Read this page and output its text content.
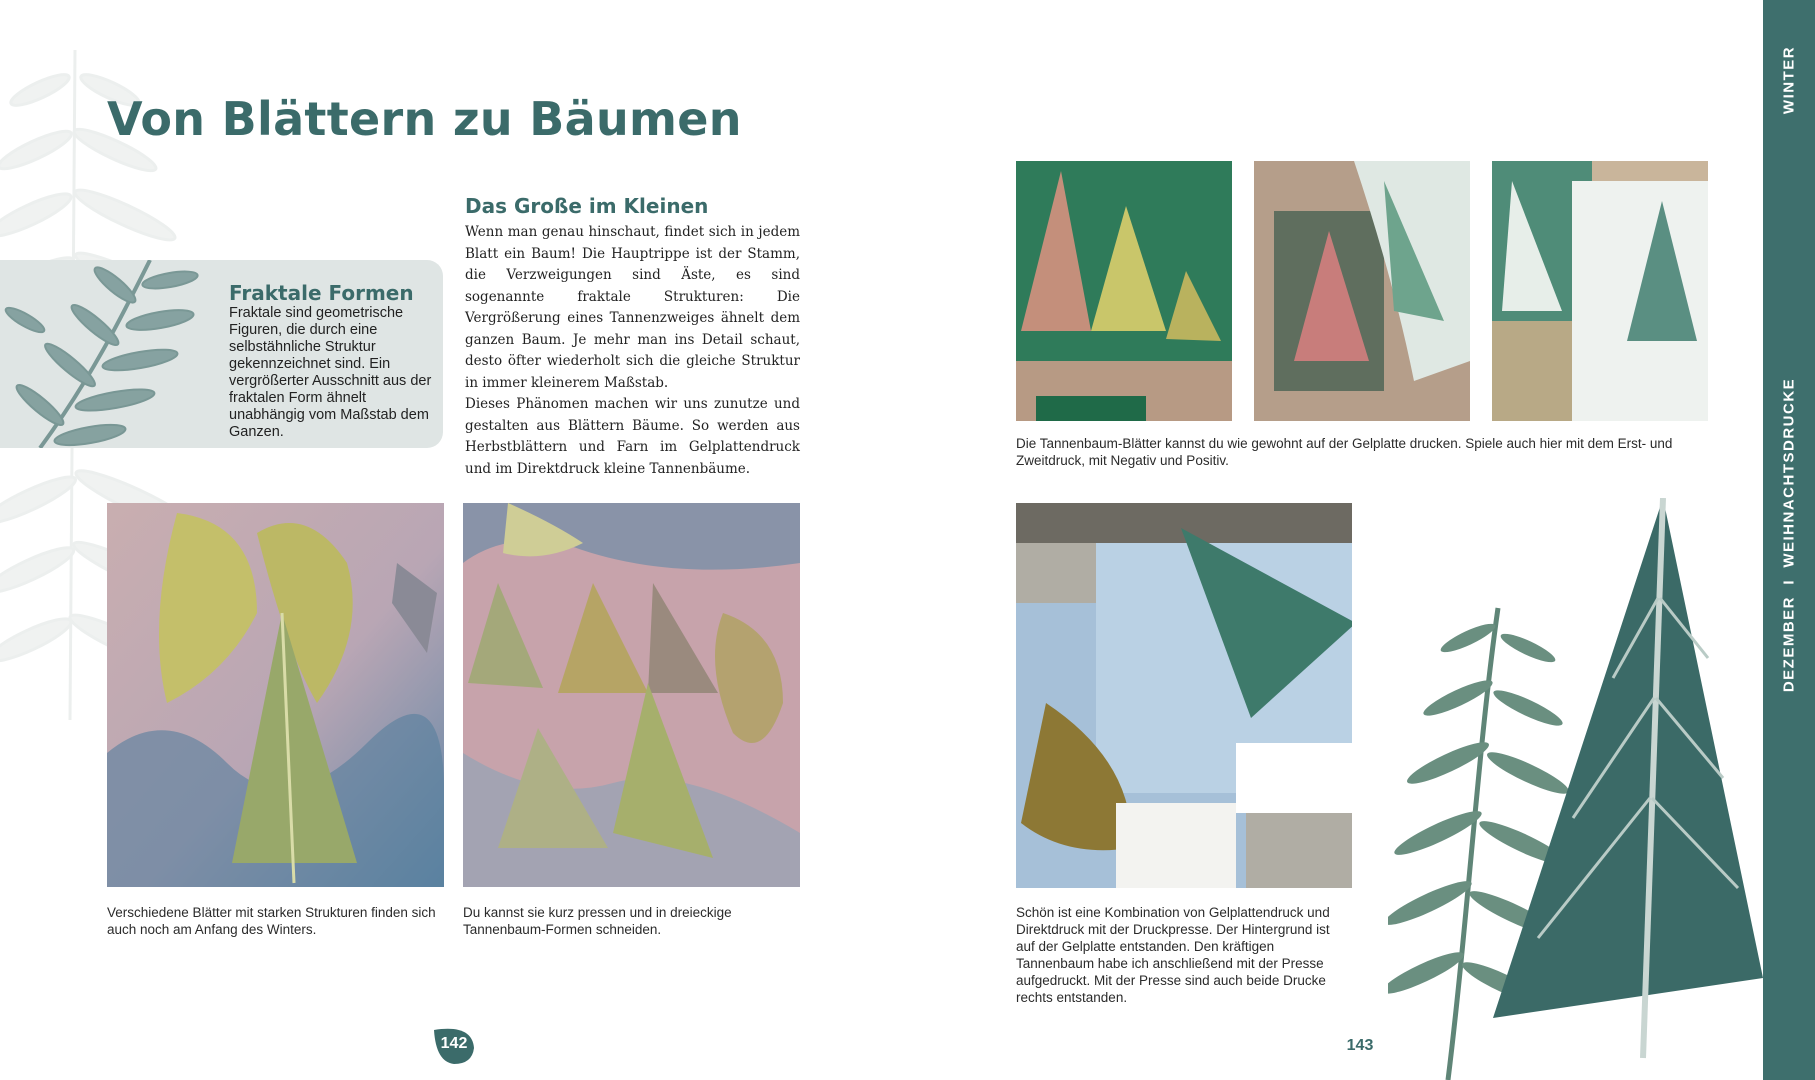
Von Blättern zu Bäumen
Fraktale Formen

Fraktale sind geometrische Figuren, die durch eine selbstähnliche Struktur gekennzeichnet sind. Ein vergrößerter Ausschnitt aus der fraktalen Form ähnelt unabhängig vom Maßstab dem Ganzen.

Das Große im Kleinen

Wenn man genau hinschaut, findet sich in jedem Blatt ein Baum! Die Hauptrippe ist der Stamm, die Verzweigungen sind Äste, es sind sogenannte fraktale Strukturen: Die Vergrößerung eines Tannenzweiges ähnelt dem ganzen Baum. Je mehr man ins Detail schaut, desto öfter wiederholt sich die gleiche Struktur in immer kleinerem Maßstab.

Dieses Phänomen machen wir uns zunutze und gestalten aus Blättern Bäume. So werden aus Herbstblättern und Farn im Gelplattendruck und im Direktdruck kleine Tannenbäume.

Verschiedene Blätter mit starken Strukturen finden sich auch noch am Anfang des Winters.

Du kannst sie kurz pressen und in dreieckige Tannenbaum-Formen schneiden.

142

Die Tannenbaum-Blätter kannst du wie gewohnt auf der Gelplatte drucken. Spiele auch hier mit dem Erst- und Zweitdruck, mit Negativ und Positiv.

Schön ist eine Kombination von Gelplattendruck und Direktdruck mit der Druckpresse. Der Hintergrund ist auf der Gelplatte entstanden. Den kräftigen Tannenbaum habe ich anschließend mit der Presse aufgedruckt. Mit der Presse sind auch beide Drucke rechts entstanden.

143
WINTER
DEZEMBER  I  WEIHNACHTSDRUCKE
